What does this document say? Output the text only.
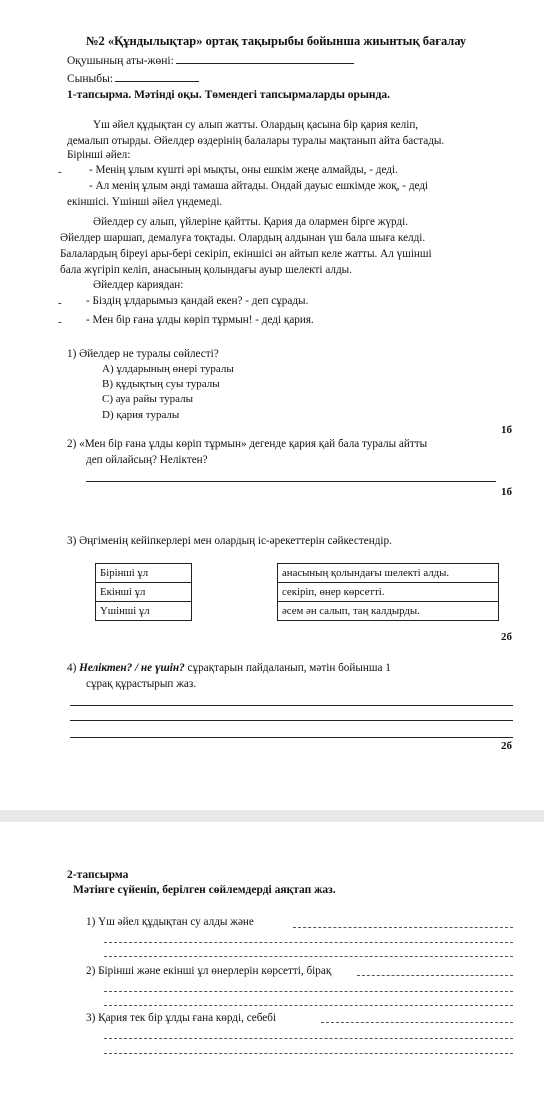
№2 «Құндылықтар» ортақ тақырыбы бойынша жиынтық бағалау
Оқушының аты-жөні:
Сыныбы:
1-тапсырма. Мәтінді оқы. Төмендегі тапсырмаларды орында.
Үш әйел құдықтан су алып жатты. Олардың қасына бір қария келіп,
демалып отырды. Әйелдер өздерінің балалары туралы мақтанып айта бастады.
Бірінші әйел:
- - Менің ұлым күшті әрі мықты, оны ешкім жеңе алмайды, - деді.
- Ал менің ұлым әнді тамаша айтады. Ондай дауыс ешкімде жоқ, - деді
екіншісі. Үшінші әйел үндемеді.
Әйелдер су алып, үйлеріне қайтты. Қария да олармен бірге жүрді.
Әйелдер шаршап, демалуға тоқтады. Олардың алдынан үш бала шыға келді.
Балалардың біреуі ары-бері секіріп, екіншісі ән айтып келе жатты. Ал үшінші
бала жүгіріп келіп, анасының қолындағы ауыр шелекті алды.
Әйелдер кариядан:
- - Біздің ұлдарымыз қандай екен? - деп сұрады.
- - Мен бір ғана ұлды көріп тұрмын! - деді қария.
1) Әйелдер не туралы сөйлесті?
A) ұлдарының өнері туралы
B) құдықтың суы туралы
C) ауа райы туралы
D) қария туралы
1б
2) «Мен бір ғана ұлды көріп тұрмын» дегенде қария қай бала туралы айтты
деп ойлайсың? Неліктен?
1б
3) Әңгіменің кейіпкерлері мен олардың іс-әрекеттерін сәйкестендір.
Бірінші ұл
Екінші ұл
Үшінші ұл
анасының қолындағы шелекті алды.
секіріп, өнер көрсетті.
әсем ән салып, таң калдырды.
2б
4) Неліктен? / не үшін? сұрақтарын пайдаланып, мәтін бойынша 1
сұрақ құрастырып жаз.
2б
2-тапсырма
Мәтінге сүйеніп, берілген сөйлемдерді аяқтап жаз.
1) Үш әйел құдықтан су алды және
2) Бірінші және екінші ұл өнерлерін көрсетті, бірақ
3) Қария тек бір ұлды ғана көрді, себебі
